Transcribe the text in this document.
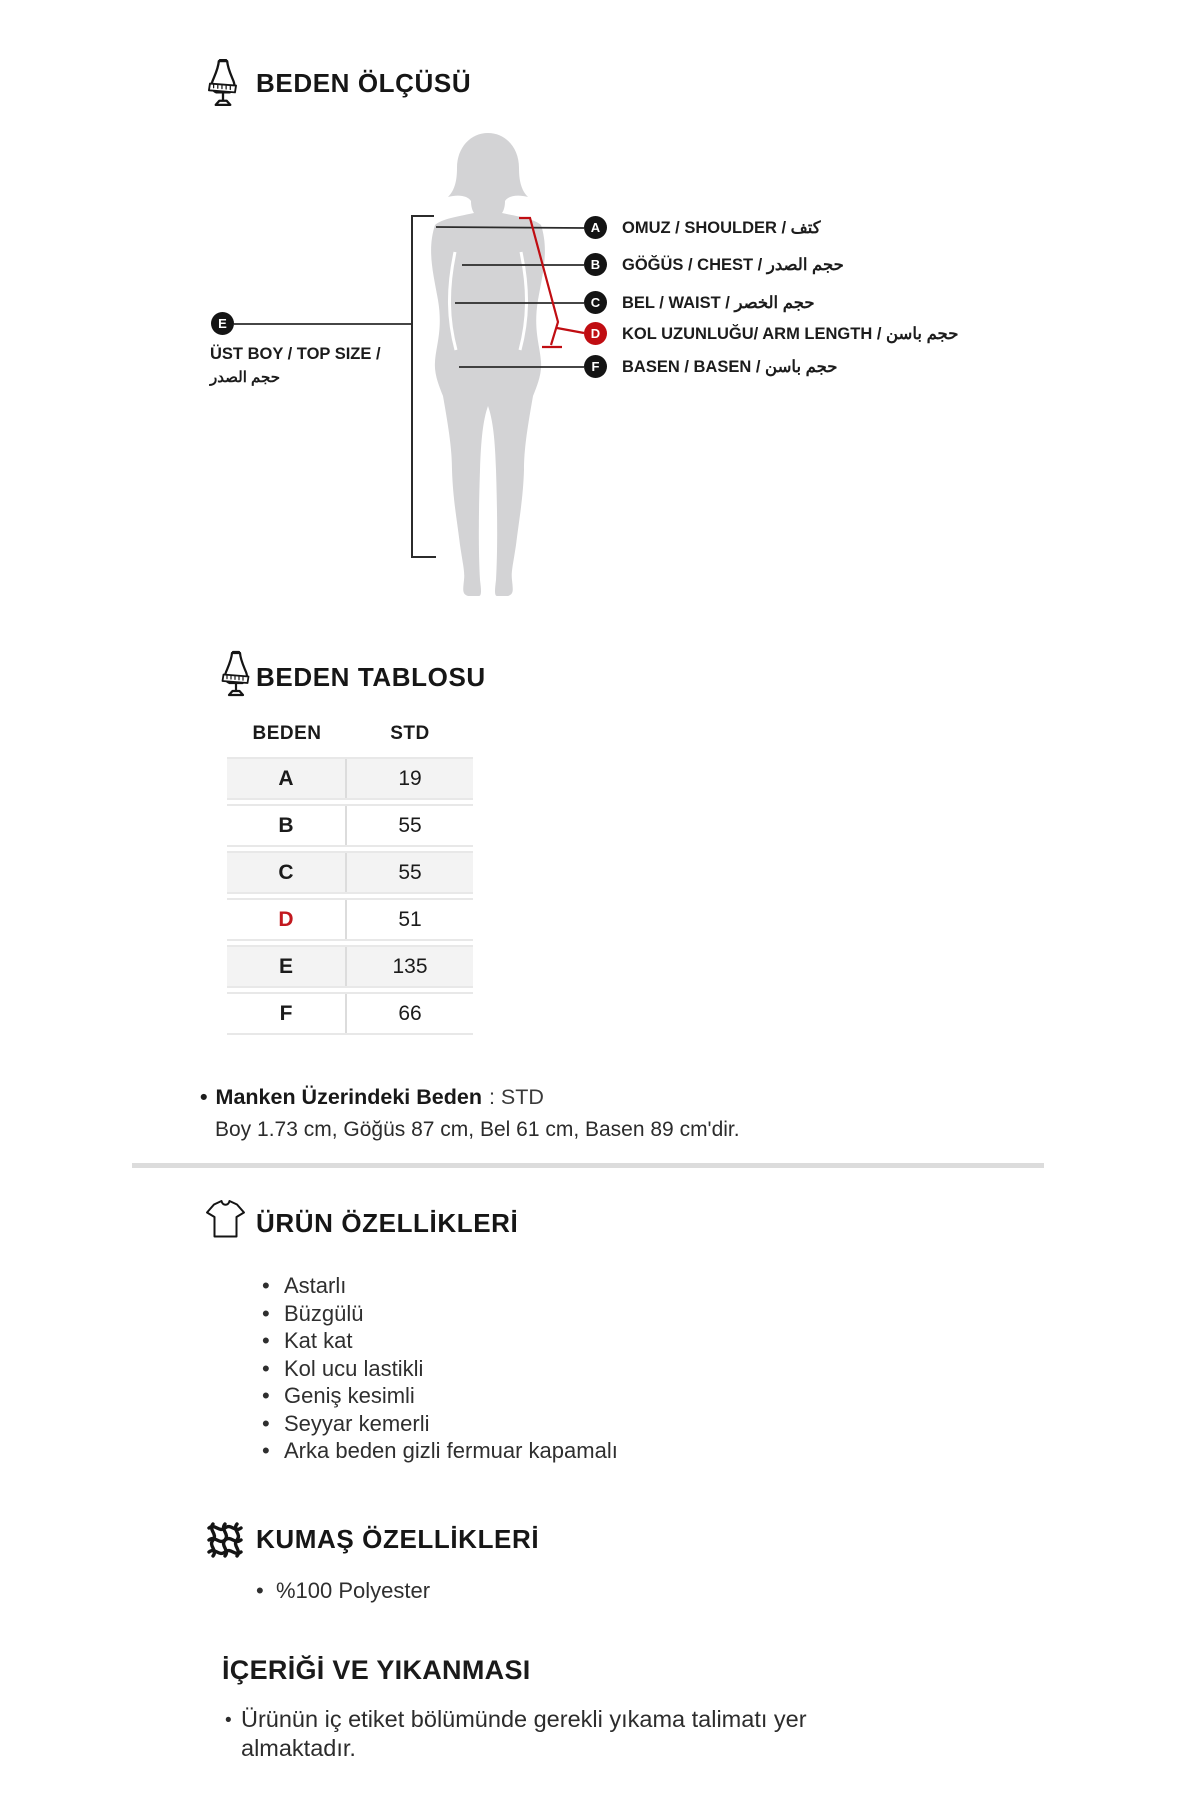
BEDEN ÖLÇÜSÜ
A	OMUZ / SHOULDER / كتف
B	GÖĞÜS / CHEST / حجم الصدر
C	BEL / WAIST / حجم الخصر
D	KOL UZUNLUĞU/ ARM LENGTH / حجم باسن
F	BASEN / BASEN / حجم باسن
E
ÜST BOY / TOP SIZE /
حجم الصدر
BEDEN TABLOSU
BEDEN	STD
A	19
B	55
C	55
D	51
E	135
F	66
• Manken Üzerindeki Beden : STD
Boy 1.73 cm, Göğüs 87 cm, Bel 61 cm, Basen 89 cm'dir.
ÜRÜN ÖZELLİKLERİ
• Astarlı
• Büzgülü
• Kat kat
• Kol ucu lastikli
• Geniş kesimli
• Seyyar kemerli
• Arka beden gizli fermuar kapamalı
KUMAŞ ÖZELLİKLERİ
• %100 Polyester
İÇERİĞİ VE YIKANMASI
• Ürünün iç etiket bölümünde gerekli yıkama talimatı yer almaktadır.
